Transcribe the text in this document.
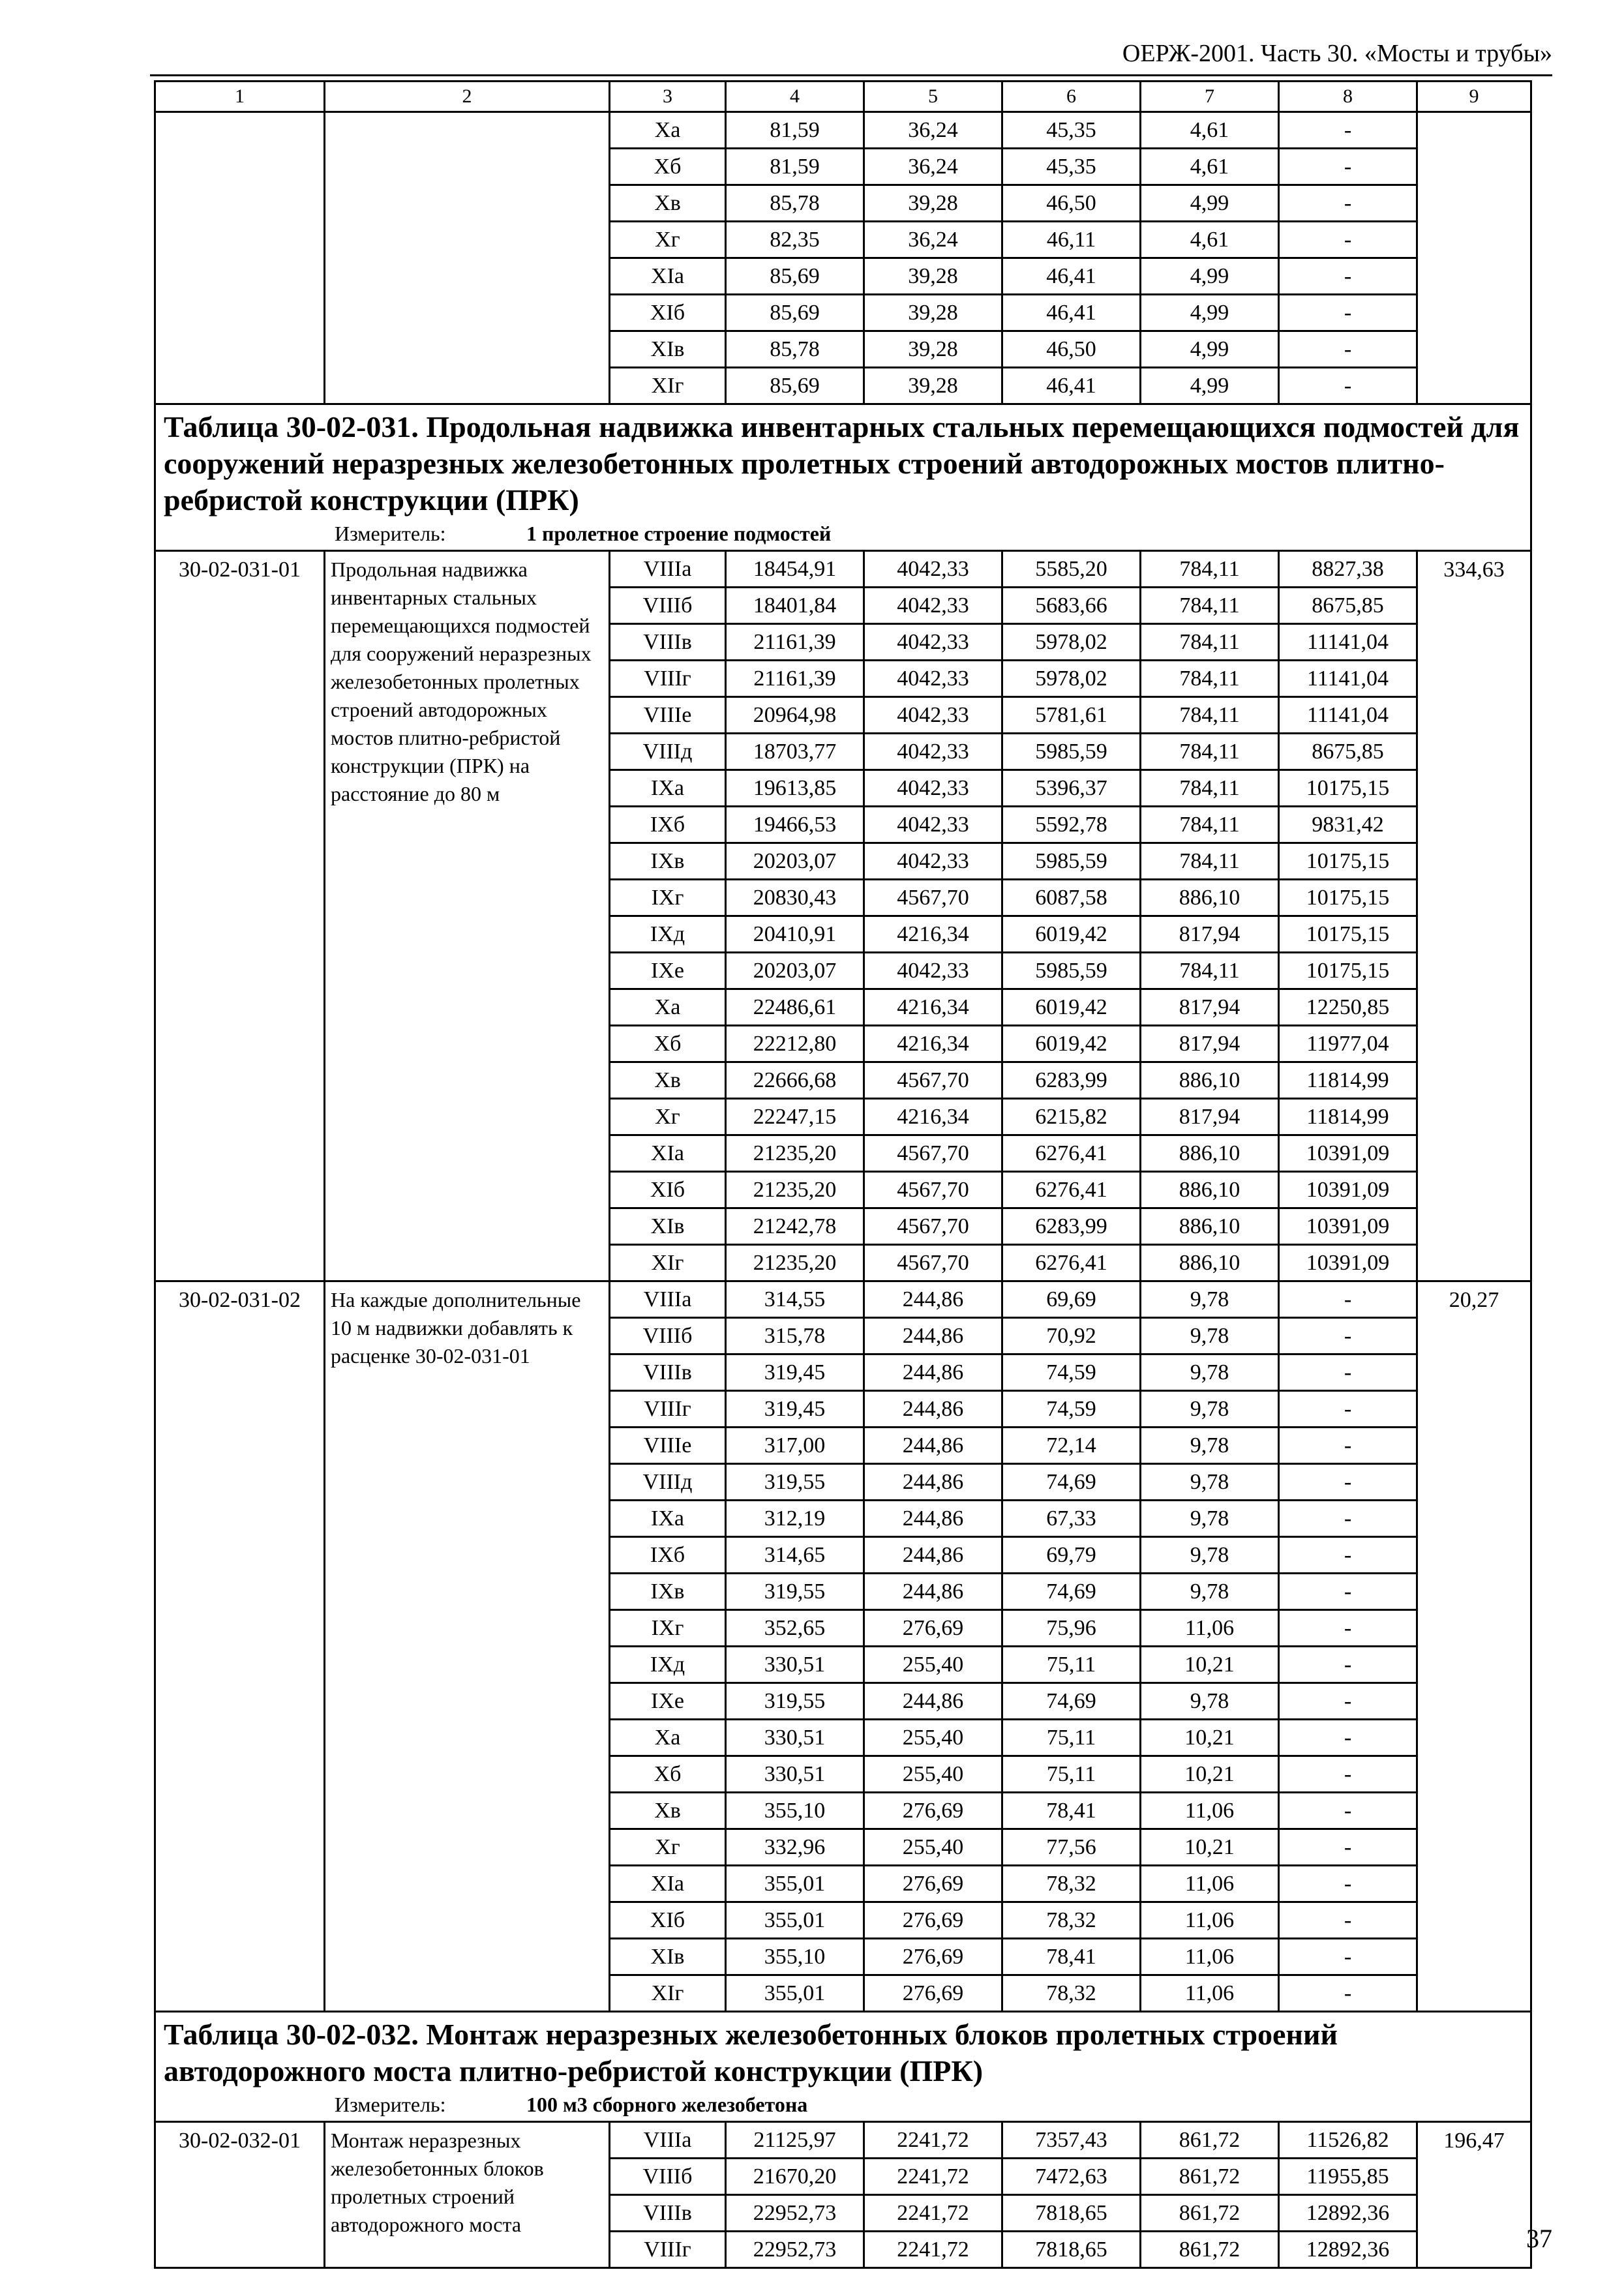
ОЕРЖ-2001. Часть 30. «Мосты и трубы»
1	2	3	4	5	6	7	8	9
		Xa	81,59	36,24	45,35	4,61	-	
		Xб	81,59	36,24	45,35	4,61	-	
		Xв	85,78	39,28	46,50	4,99	-	
		Xг	82,35	36,24	46,11	4,61	-	
		XIa	85,69	39,28	46,41	4,99	-	
		XIб	85,69	39,28	46,41	4,99	-	
		XIв	85,78	39,28	46,50	4,99	-	
		XIг	85,69	39,28	46,41	4,99	-	

Таблица 30-02-031. Продольная надвижка инвентарных стальных перемещающихся подмостей для сооружений неразрезных железобетонных пролетных строений автодорожных мостов плитно-ребристой конструкции (ПРК)
Измеритель: 1 пролетное строение подмостей								

30-02-031-01	Продольная надвижка инвентарных стальных перемещающихся подмостей для сооружений неразрезных железобетонных пролетных строений автодорожных мостов плитно-ребристой конструкции (ПРК) на расстояние до 80 м	VIIIa	18454,91	4042,33	5585,20	784,11	8827,38	334,63
		VIIIб	18401,84	4042,33	5683,66	784,11	8675,85	
		VIIIв	21161,39	4042,33	5978,02	784,11	11141,04	
		VIIIг	21161,39	4042,33	5978,02	784,11	11141,04	
		VIIIе	20964,98	4042,33	5781,61	784,11	11141,04	
		VIIIд	18703,77	4042,33	5985,59	784,11	8675,85	
		IXa	19613,85	4042,33	5396,37	784,11	10175,15	
		IXб	19466,53	4042,33	5592,78	784,11	9831,42	
		IXв	20203,07	4042,33	5985,59	784,11	10175,15	
		IXг	20830,43	4567,70	6087,58	886,10	10175,15	
		IXд	20410,91	4216,34	6019,42	817,94	10175,15	
		IXе	20203,07	4042,33	5985,59	784,11	10175,15	
		Xa	22486,61	4216,34	6019,42	817,94	12250,85	
		Xб	22212,80	4216,34	6019,42	817,94	11977,04	
		Xв	22666,68	4567,70	6283,99	886,10	11814,99	
		Xг	22247,15	4216,34	6215,82	817,94	11814,99	
		XIa	21235,20	4567,70	6276,41	886,10	10391,09	
		XIб	21235,20	4567,70	6276,41	886,10	10391,09	
		XIв	21242,78	4567,70	6283,99	886,10	10391,09	
		XIг	21235,20	4567,70	6276,41	886,10	10391,09	
30-02-031-02	На каждые дополнительные 10 м надвижки добавлять к расценке 30-02-031-01	VIIIa	314,55	244,86	69,69	9,78	-	20,27
		VIIIб	315,78	244,86	70,92	9,78	-	
		VIIIв	319,45	244,86	74,59	9,78	-	
		VIIIг	319,45	244,86	74,59	9,78	-	
		VIIIе	317,00	244,86	72,14	9,78	-	
		VIIIд	319,55	244,86	74,69	9,78	-	
		IXa	312,19	244,86	67,33	9,78	-	
		IXб	314,65	244,86	69,79	9,78	-	
		IXв	319,55	244,86	74,69	9,78	-	
		IXг	352,65	276,69	75,96	11,06	-	
		IXд	330,51	255,40	75,11	10,21	-	
		IXе	319,55	244,86	74,69	9,78	-	
		Xa	330,51	255,40	75,11	10,21	-	
		Xб	330,51	255,40	75,11	10,21	-	
		Xв	355,10	276,69	78,41	11,06	-	
		Xг	332,96	255,40	77,56	10,21	-	
		XIa	355,01	276,69	78,32	11,06	-	
		XIб	355,01	276,69	78,32	11,06	-	
		XIв	355,10	276,69	78,41	11,06	-	
		XIг	355,01	276,69	78,32	11,06	-	

Таблица 30-02-032. Монтаж неразрезных железобетонных блоков пролетных строений автодорожного моста плитно-ребристой конструкции (ПРК)
Измеритель: 100 м3 сборного железобетона								

30-02-032-01	Монтаж неразрезных железобетонных блоков пролетных строений автодорожного моста	VIIIa	21125,97	2241,72	7357,43	861,72	11526,82	196,47
		VIIIб	21670,20	2241,72	7472,63	861,72	11955,85	
		VIIIв	22952,73	2241,72	7818,65	861,72	12892,36	
		VIIIг	22952,73	2241,72	7818,65	861,72	12892,36		37
